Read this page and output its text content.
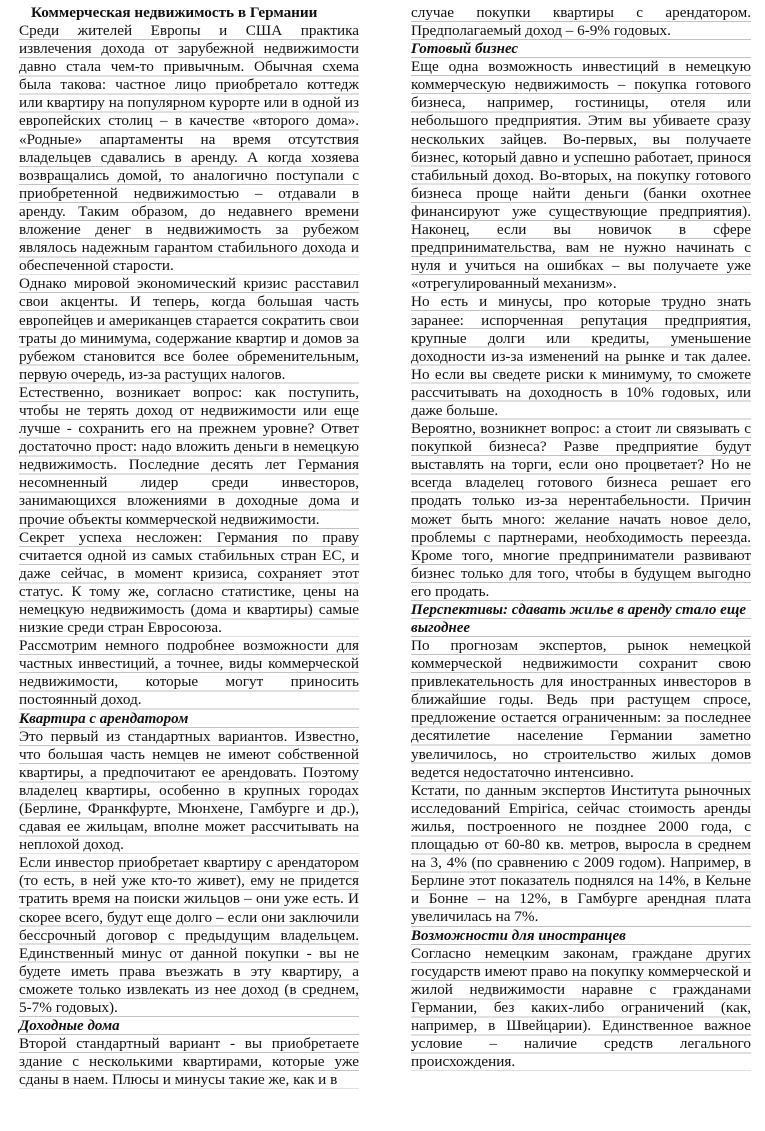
Коммерческая недвижимость в Германии

Среди жителей Европы и США практика извлечения дохода от зарубежной недвижимости давно стала чем-то привычным. Обычная схема была такова: частное лицо приобретало коттедж или квартиру на популярном курорте или в одной из европейских столиц – в качестве «второго дома». «Родные» апартаменты на время отсутствия владельцев сдавались в аренду. А когда хозяева возвращались домой, то аналогично поступали с приобретенной недвижимостью – отдавали в аренду. Таким образом, до недавнего времени вложение денег в недвижимость за рубежом являлось надежным гарантом стабильного дохода и обеспеченной старости.

Однако мировой экономический кризис расставил свои акценты. И теперь, когда большая часть европейцев и американцев старается сократить свои траты до минимума, содержание квартир и домов за рубежом становится все более обременительным, первую очередь, из-за растущих налогов.

Естественно, возникает вопрос: как поступить, чтобы не терять доход от недвижимости или еще лучше - сохранить его на прежнем уровне? Ответ достаточно прост: надо вложить деньги в немецкую недвижимость. Последние десять лет Германия несомненный лидер среди инвесторов, занимающихся вложениями в доходные дома и прочие объекты коммерческой недвижимости.

Секрет успеха несложен: Германия по праву считается одной из самых стабильных стран ЕС, и даже сейчас, в момент кризиса, сохраняет этот статус. К тому же, согласно статистике, цены на немецкую недвижимость (дома и квартиры) самые низкие среди стран Евросоюза.

Рассмотрим немного подробнее возможности для частных инвестиций, а точнее, виды коммерческой недвижимости, которые могут приносить постоянный доход.

Квартира с арендатором

Это первый из стандартных вариантов. Известно, что большая часть немцев не имеют собственной квартиры, а предпочитают ее арендовать. Поэтому владелец квартиры, особенно в крупных городах (Берлине, Франкфурте, Мюнхене, Гамбурге и др.), сдавая ее жильцам, вполне может рассчитывать на неплохой доход.

Если инвестор приобретает квартиру с арендатором (то есть, в ней уже кто-то живет), ему не придется тратить время на поиски жильцов – они уже есть. И скорее всего, будут еще долго – если они заключили бессрочный договор с предыдущим владельцем. Единственный минус от данной покупки - вы не будете иметь права въезжать в эту квартиру, а сможете только извлекать из нее доход (в среднем, 5-7% годовых).

Доходные дома

Второй стандартный вариант - вы приобретаете здание с несколькими квартирами, которые уже сданы в наем. Плюсы и минусы такие же, как и в

случае покупки квартиры с арендатором. Предполагаемый доход – 6-9% годовых.

Готовый бизнес

Еще одна возможность инвестиций в немецкую коммерческую недвижимость – покупка готового бизнеса, например, гостиницы, отеля или небольшого предприятия. Этим вы убиваете сразу нескольких зайцев. Во-первых, вы получаете бизнес, который давно и успешно работает, принося стабильный доход. Во-вторых, на покупку готового бизнеса проще найти деньги (банки охотнее финансируют уже существующие предприятия). Наконец, если вы новичок в сфере предпринимательства, вам не нужно начинать с нуля и учиться на ошибках – вы получаете уже «отрегулированный механизм».

Но есть и минусы, про которые трудно знать заранее: испорченная репутация предприятия, крупные долги или кредиты, уменьшение доходности из-за изменений на рынке и так далее. Но если вы сведете риски к минимуму, то сможете рассчитывать на доходность в 10% годовых, или даже больше.

Вероятно, возникнет вопрос: а стоит ли связывать с покупкой бизнеса? Разве предприятие будут выставлять на торги, если оно процветает? Но не всегда владелец готового бизнеса решает его продать только из-за нерентабельности. Причин может быть много: желание начать новое дело, проблемы с партнерами, необходимость переезда. Кроме того, многие предприниматели развивают бизнес только для того, чтобы в будущем выгодно его продать.

Перспективы: сдавать жилье в аренду стало еще выгоднее

По прогнозам экспертов, рынок немецкой коммерческой недвижимости сохранит свою привлекательность для иностранных инвесторов в ближайшие годы. Ведь при растущем спросе, предложение остается ограниченным: за последнее десятилетие население Германии заметно увеличилось, но строительство жилых домов ведется недостаточно интенсивно.

Кстати, по данным экспертов Института рыночных исследований Empirica, сейчас стоимость аренды жилья, построенного не позднее 2000 года, с площадью от 60-80 кв. метров, выросла в среднем на 3, 4% (по сравнению с 2009 годом). Например, в Берлине этот показатель поднялся на 14%, в Кельне и Бонне – на 12%, в Гамбурге арендная плата увеличилась на 7%.

Возможности для иностранцев

Согласно немецким законам, граждане других государств имеют право на покупку коммерческой и жилой недвижимости наравне с гражданами Германии, без каких-либо ограничений (как, например, в Швейцарии). Единственное важное условие – наличие средств легального происхождения.
